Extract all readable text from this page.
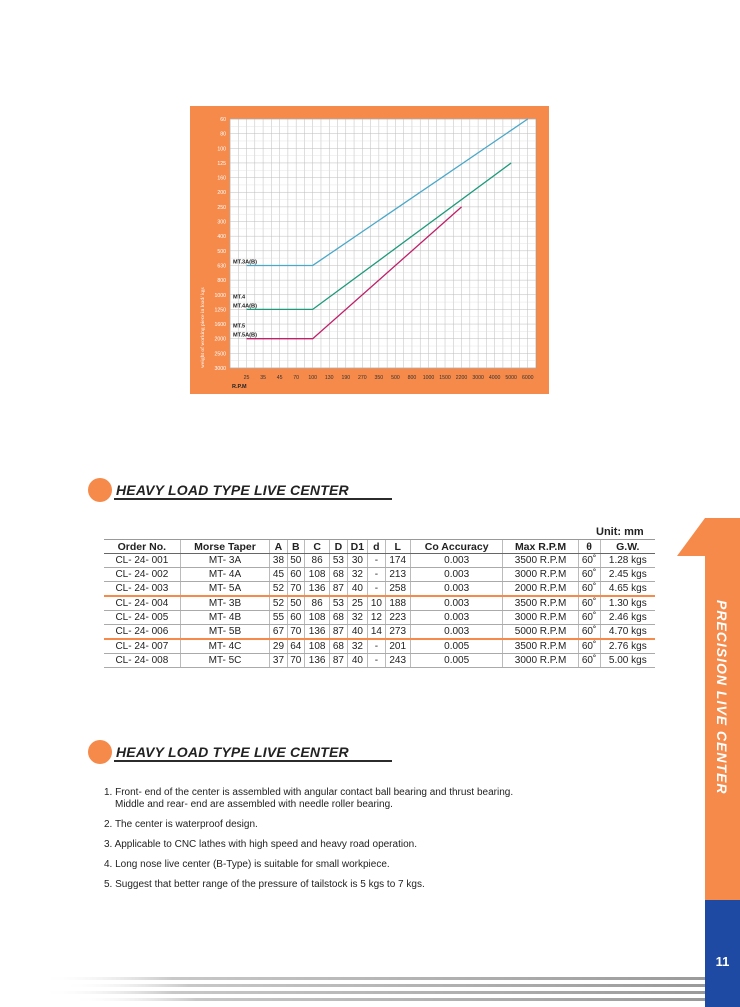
60
80
100
125
160
200
250
300
400
500
630
800
1000
1250
1600
2000
2500
3000
25 35 45 70 100 130 190 270 350 500 800 1000 1500 2200 3000 4000 5000 6000
R.P.M
weight of working piece in load/ kgs
MT.3A(B)
MT.4
MT.4A(B)
MT.5
MT.5A(B)
HEAVY LOAD TYPE LIVE CENTER
Unit: mm
Order No.	Morse Taper	A	B	C	D	D1	d	L	Co Accuracy	Max R.P.M	θ	G.W.
CL- 24- 001	MT- 3A	38	50	86	53	30	-	174	0.003	3500 R.P.M	60˚	1.28 kgs
CL- 24- 002	MT- 4A	45	60	108	68	32	-	213	0.003	3000 R.P.M	60˚	2.45 kgs
CL- 24- 003	MT- 5A	52	70	136	87	40	-	258	0.003	2000 R.P.M	60˚	4.65 kgs
CL- 24- 004	MT- 3B	52	50	86	53	25	10	188	0.003	3500 R.P.M	60˚	1.30 kgs
CL- 24- 005	MT- 4B	55	60	108	68	32	12	223	0.003	3000 R.P.M	60˚	2.46 kgs
CL- 24- 006	MT- 5B	67	70	136	87	40	14	273	0.003	5000 R.P.M	60˚	4.70 kgs
CL- 24- 007	MT- 4C	29	64	108	68	32	-	201	0.005	3500 R.P.M	60˚	2.76 kgs
CL- 24- 008	MT- 5C	37	70	136	87	40	-	243	0.005	3000 R.P.M	60˚	5.00 kgs
HEAVY LOAD TYPE LIVE CENTER
1. Front- end of the center is assembled with angular contact ball bearing and thrust bearing.
Middle and rear- end are assembled with needle roller bearing.
2. The center is waterproof design.
3. Applicable to CNC lathes with high speed and heavy road operation.
4. Long nose live center (B-Type) is suitable for small workpiece.
5. Suggest that better range of the pressure of tailstock is 5 kgs to 7 kgs.
PRECISION LIVE CENTER
11
